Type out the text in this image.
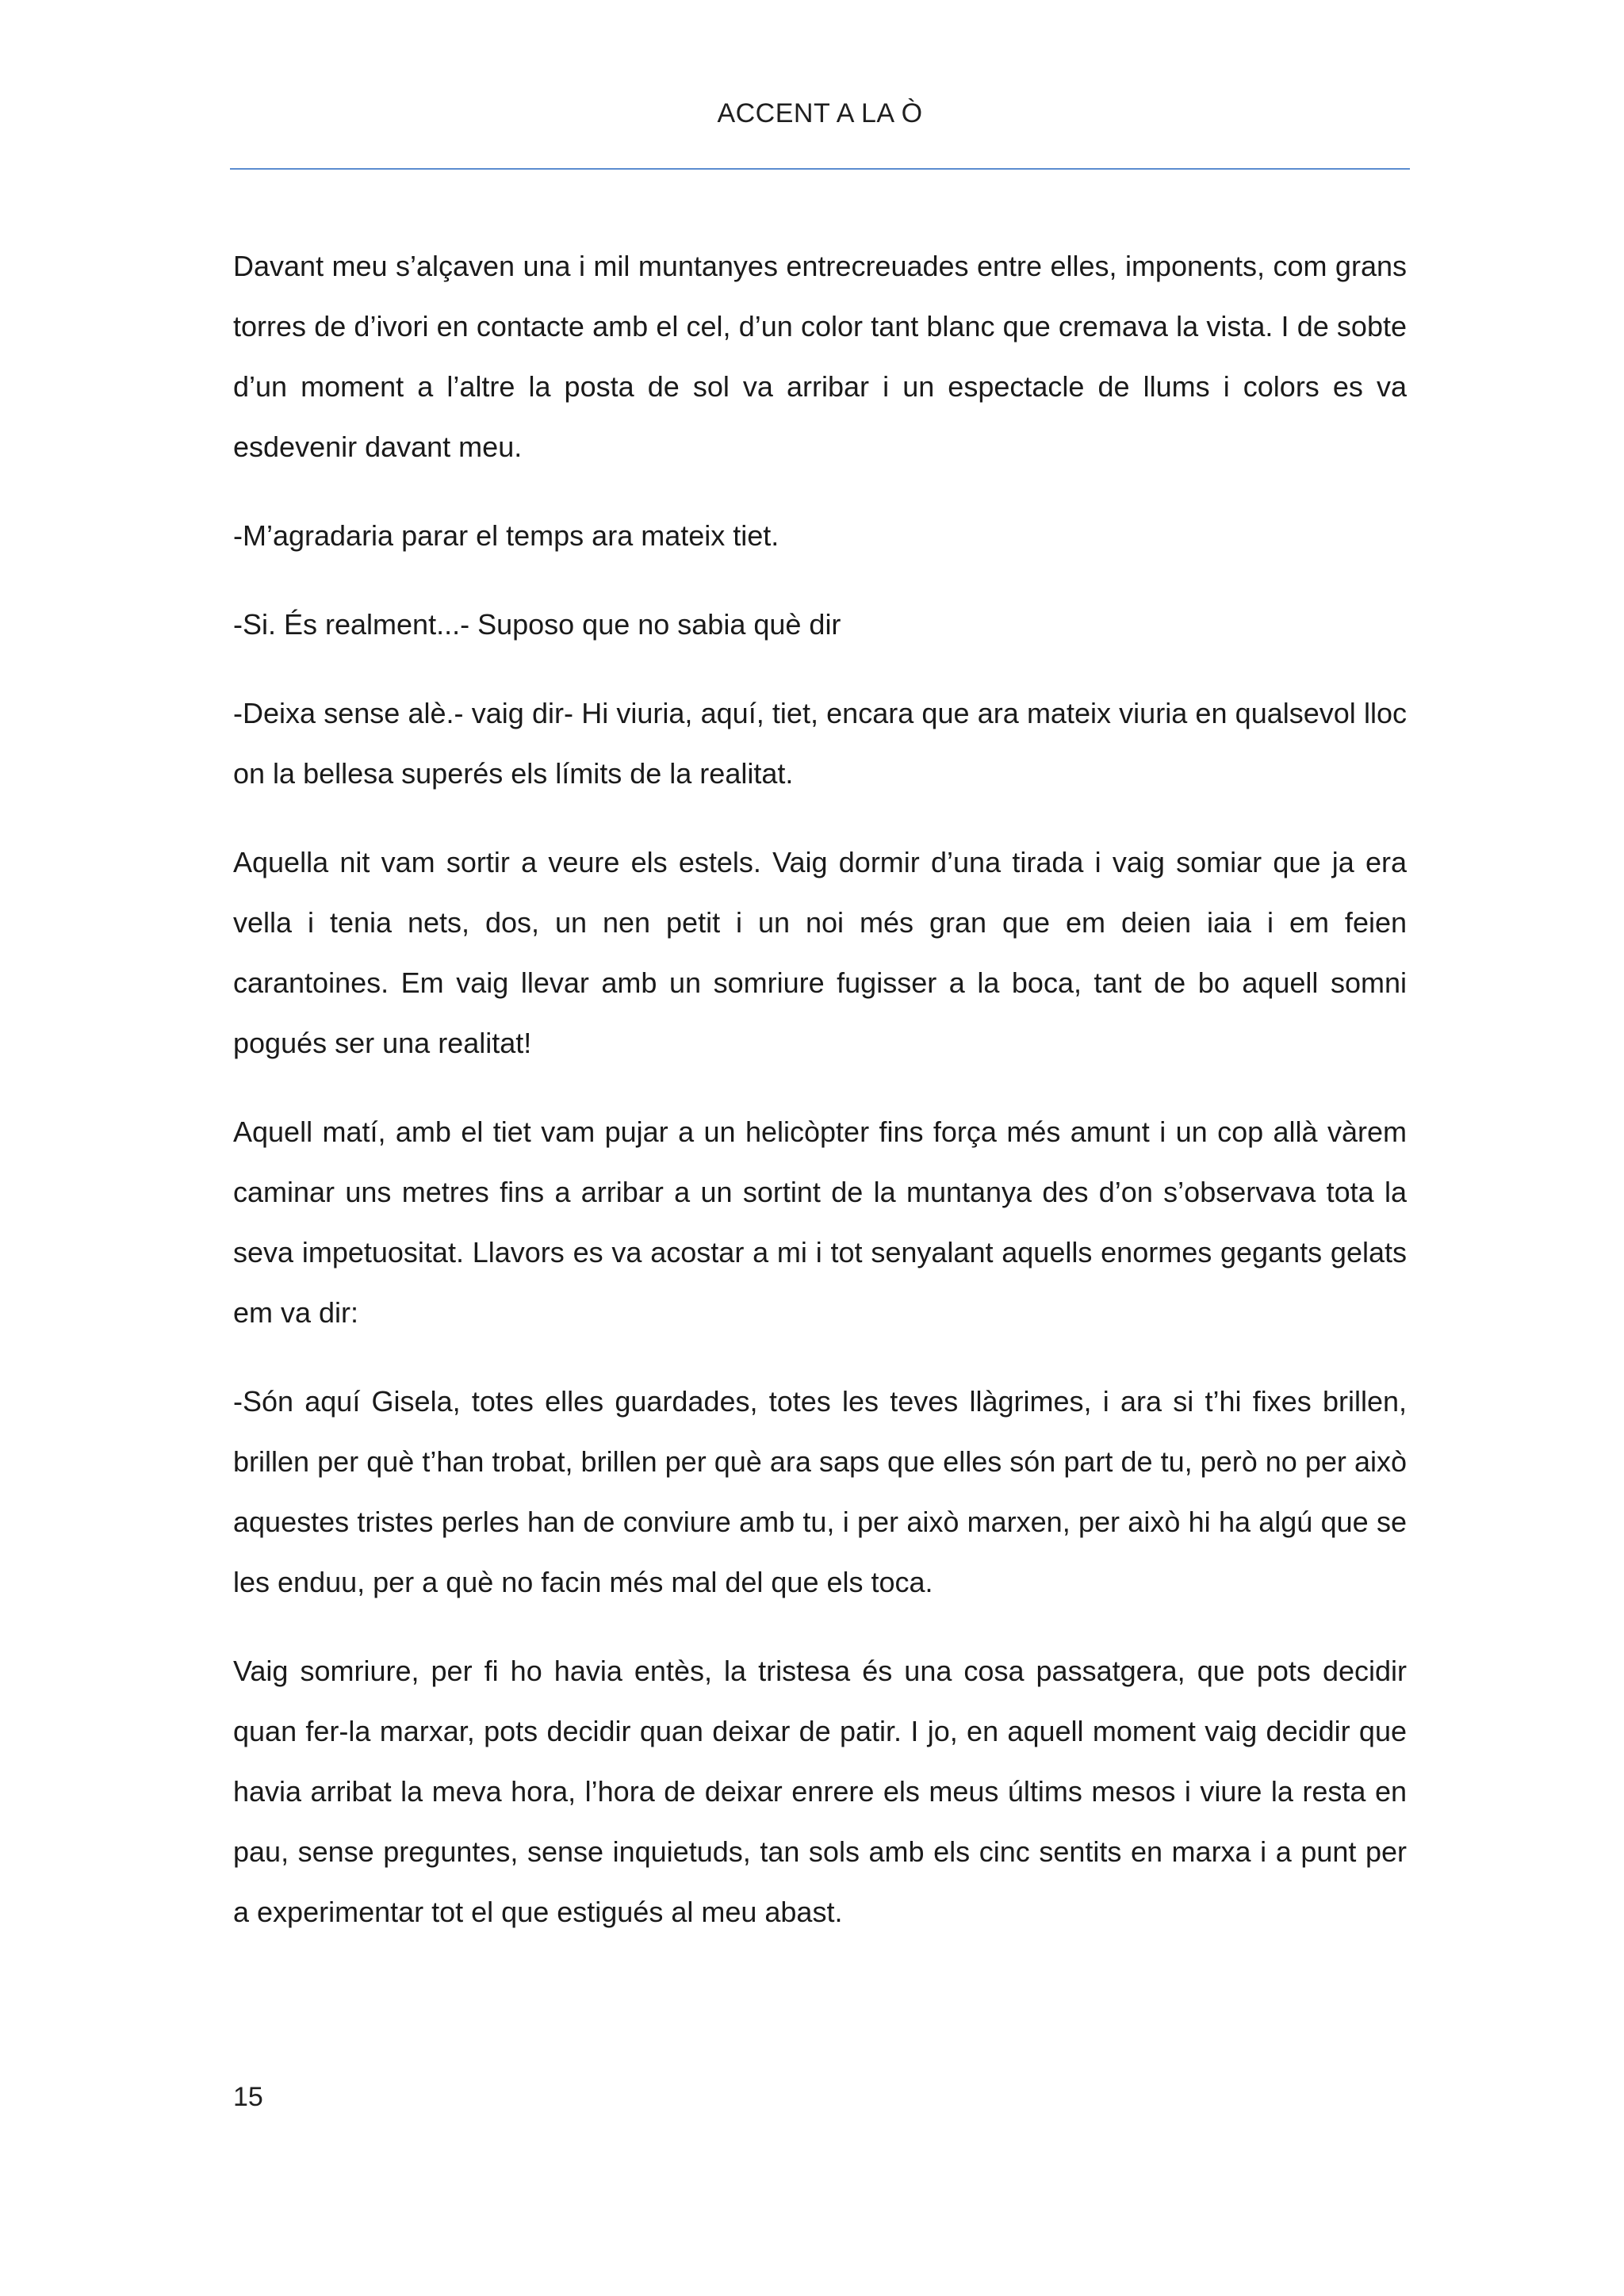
ACCENT A LA Ò

Davant meu s’alçaven una i mil muntanyes entrecreuades entre elles, imponents, com grans torres de d’ivori en contacte amb el cel, d’un color tant blanc que cremava la vista. I de sobte d’un moment a l’altre la posta de sol va arribar i un espectacle de llums i colors es va esdevenir davant meu.

-M’agradaria parar el temps ara mateix tiet.

-Si. És realment...- Suposo que no sabia què dir

-Deixa sense alè.- vaig dir- Hi viuria, aquí, tiet, encara que ara mateix viuria en qualsevol lloc on la bellesa superés els límits de la realitat.

Aquella nit vam sortir a veure els estels. Vaig dormir d’una tirada i vaig somiar que ja era vella i tenia nets, dos, un nen petit i un noi més gran que em deien iaia i em feien carantoines. Em vaig llevar amb un somriure fugisser a la boca, tant de bo aquell somni pogués ser una realitat!

Aquell matí, amb el tiet vam pujar a un helicòpter fins força més amunt i un cop allà vàrem caminar uns metres fins a arribar a un sortint de la muntanya des d’on s’observava tota la seva impetuositat. Llavors es va acostar a mi i tot senyalant aquells enormes gegants gelats em va dir:

-Són aquí Gisela, totes elles guardades, totes les teves llàgrimes, i ara si t’hi fixes brillen, brillen per què t’han trobat, brillen per què ara saps que elles són part de tu, però no per això aquestes tristes perles han de conviure amb tu, i per això marxen, per això hi ha algú que se les enduu, per a què no facin més mal del que els toca.

Vaig somriure, per fi ho havia entès, la tristesa és una cosa passatgera, que pots decidir quan fer-la marxar, pots decidir quan deixar de patir. I jo, en aquell moment vaig decidir que havia arribat la meva hora, l’hora de deixar enrere els meus últims mesos i viure la resta en pau, sense preguntes, sense inquietuds, tan sols amb els cinc sentits en marxa i a punt per a experimentar tot el que estigués al meu abast.

15
